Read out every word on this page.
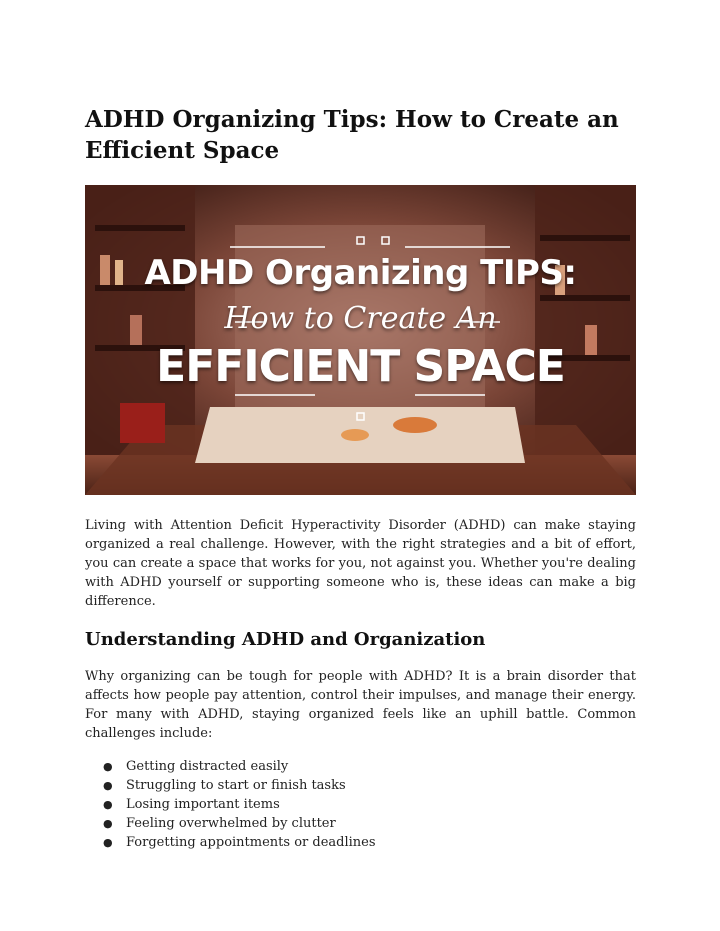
ADHD Organizing Tips: How to Create an Efficient Space
ADHD Organizing TIPS:
How to Create An
EFFICIENT SPACE

Living with Attention Deficit Hyperactivity Disorder (ADHD) can make staying organized a real challenge. However, with the right strategies and a bit of effort, you can create a space that works for you, not against you. Whether you're dealing with ADHD yourself or supporting someone who is, these ideas can make a big difference.

Understanding ADHD and Organization

Why organizing can be tough for people with ADHD? It is a brain disorder that affects how people pay attention, control their impulses, and manage their energy. For many with ADHD, staying organized feels like an uphill battle. Common challenges include:

● Getting distracted easily
● Struggling to start or finish tasks
● Losing important items
● Feeling overwhelmed by clutter
● Forgetting appointments or deadlines
